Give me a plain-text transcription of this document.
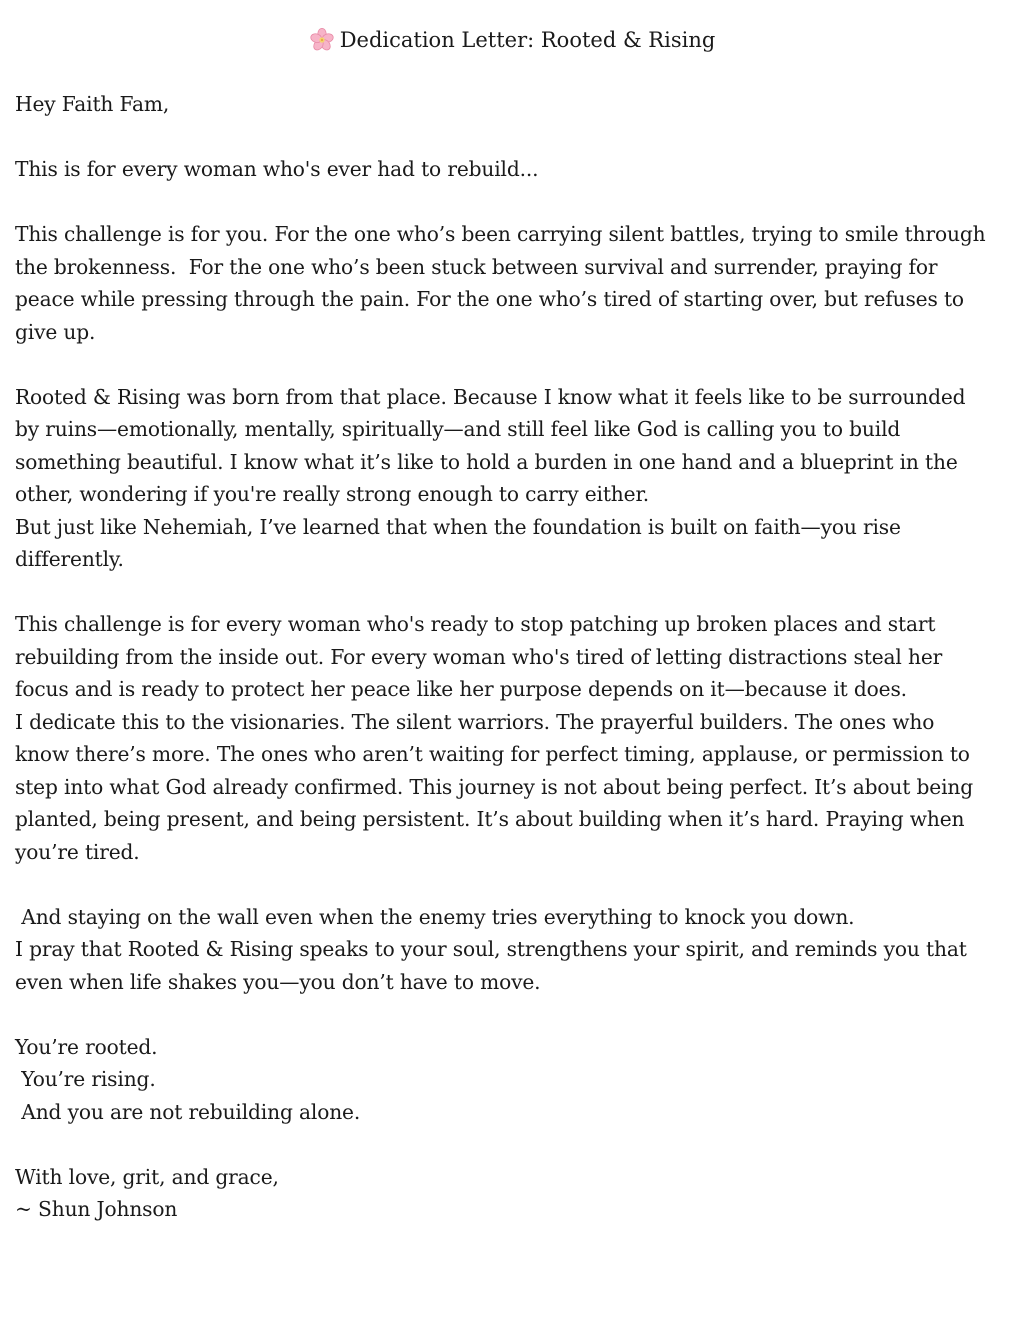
Dedication Letter: Rooted & Rising
Hey Faith Fam,
This is for every woman who's ever had to rebuild...
This challenge is for you. For the one who’s been carrying silent battles, trying to smile through
the brokenness.  For the one who’s been stuck between survival and surrender, praying for
peace while pressing through the pain. For the one who’s tired of starting over, but refuses to
give up.
Rooted & Rising was born from that place. Because I know what it feels like to be surrounded
by ruins—emotionally, mentally, spiritually—and still feel like God is calling you to build
something beautiful. I know what it’s like to hold a burden in one hand and a blueprint in the
other, wondering if you're really strong enough to carry either.
But just like Nehemiah, I’ve learned that when the foundation is built on faith—you rise
differently.
This challenge is for every woman who's ready to stop patching up broken places and start
rebuilding from the inside out. For every woman who's tired of letting distractions steal her
focus and is ready to protect her peace like her purpose depends on it—because it does.
I dedicate this to the visionaries. The silent warriors. The prayerful builders. The ones who
know there’s more. The ones who aren’t waiting for perfect timing, applause, or permission to
step into what God already confirmed. This journey is not about being perfect. It’s about being
planted, being present, and being persistent. It’s about building when it’s hard. Praying when
you’re tired.
And staying on the wall even when the enemy tries everything to knock you down.
I pray that Rooted & Rising speaks to your soul, strengthens your spirit, and reminds you that
even when life shakes you—you don’t have to move.
You’re rooted.
You’re rising.
And you are not rebuilding alone.
With love, grit, and grace,
~ Shun Johnson
